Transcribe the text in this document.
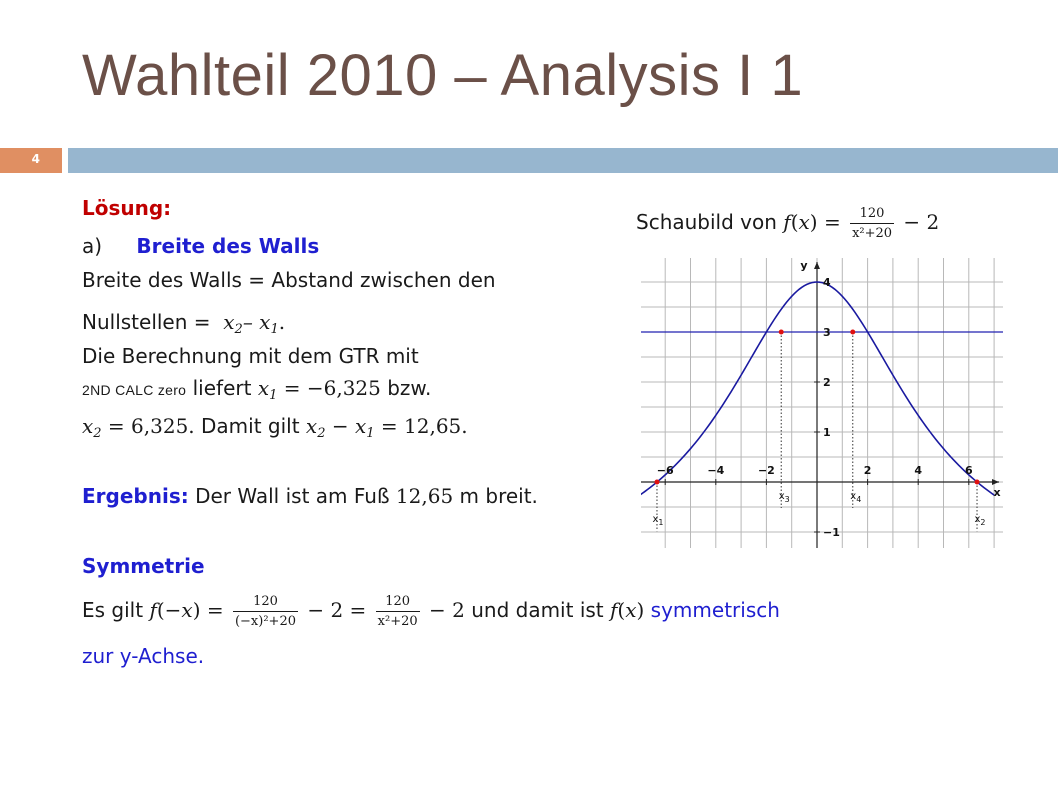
Wahlteil 2010 – Analysis I 1
4
Lösung:
a) Breite des Walls
Breite des Walls = Abstand zwischen den
Nullstellen =  $x_2-$ $x_1$.
Die Berechnung mit dem GTR mit
2ND CALC zero liefert $x_1 = -6,325$ bzw.
$x_2 = 6,325$. Damit gilt $x_2 - x_1 = 12,65$.
Ergebnis: Der Wall ist am Fuß 12,65 m breit.
Symmetrie
Es gilt $f(-x) = \frac{120}{\text{(−x)²+20}} - 2 = \frac{120}{\text{x²+20}} - 2$ und damit ist f(x) symmetrisch
zur y-Achse.
Schaubild von $f(x) = \frac{120}{\text{x²+20}} - 2$
−6	−4	−2	2	4	6
4
3
2
1
−1
x
y
$x_1$	$x_2$
$x_3$	$x_4$
